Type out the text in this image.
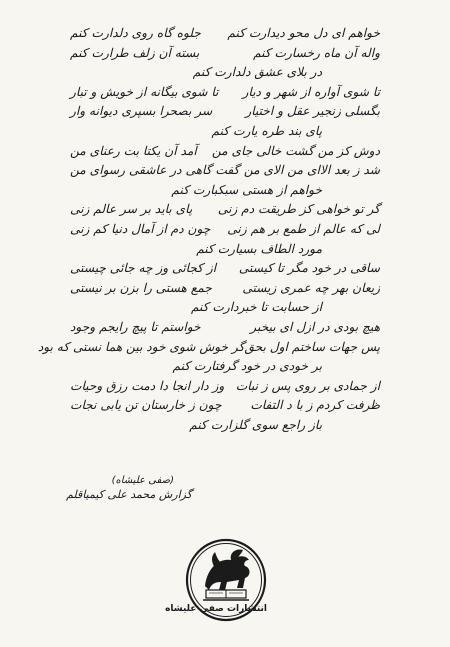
خواهم ای دل محو دیدارت کنم
جلوه گاه روی دلدارت کنم
واله آن ماه رخسارت کنم
بسته آن زلف طرارت کنم
در بلای عشق دلدارت کنم
تا شوی آواره از شهر و دیار
تا شوی بیگانه از خویش و تبار
بگسلی زنجیر عقل و اختیار
سر بصحرا بسپری دیوانه وار
پای بند طره یارت کنم
دوش کز من گشت خالی جای من
آمد آن یکتا بت رعنای من
شد ز بعد الاای من الای من
گفت گاهی در عاشقی رسوای من
خواهم از هستی سبکبارت کنم
گر تو خواهی کز طریقت دم زنی
پای باید بر سر عالم زنی
لی که عالم از طمع بر هم زنی
چون دم از آمال دنیا کم زنی
مورد الطاف بسیارت کنم
ساقی در خود مگر تا کیستی
از کجائی وز چه جائی چیستی
زیعان بهر چه عمری زیستی
جمع هستی را بزن بر نیستی
از حسابت تا خبردارت کنم
هیچ بودی در ازل ای بیخبر
خواستم تا پیچ رایجم وجود
پس جهات ساختم اول بحق
گر خوش شوی خود بین هما نستی که بود
بر خودی در خود گرفتارت کنم
از جمادی بر روی پس ز نبات
وز دار انجا دا دمت رزق وحیات
ظرفت کردم ز با د التفات
چون ز خارستان تن یابی نجات
باز راجع سوی گلزارت کنم
(صفی علیشاه)
گزارش محمد علی کیمیاقلم
انتشارات صفی علیشاه
